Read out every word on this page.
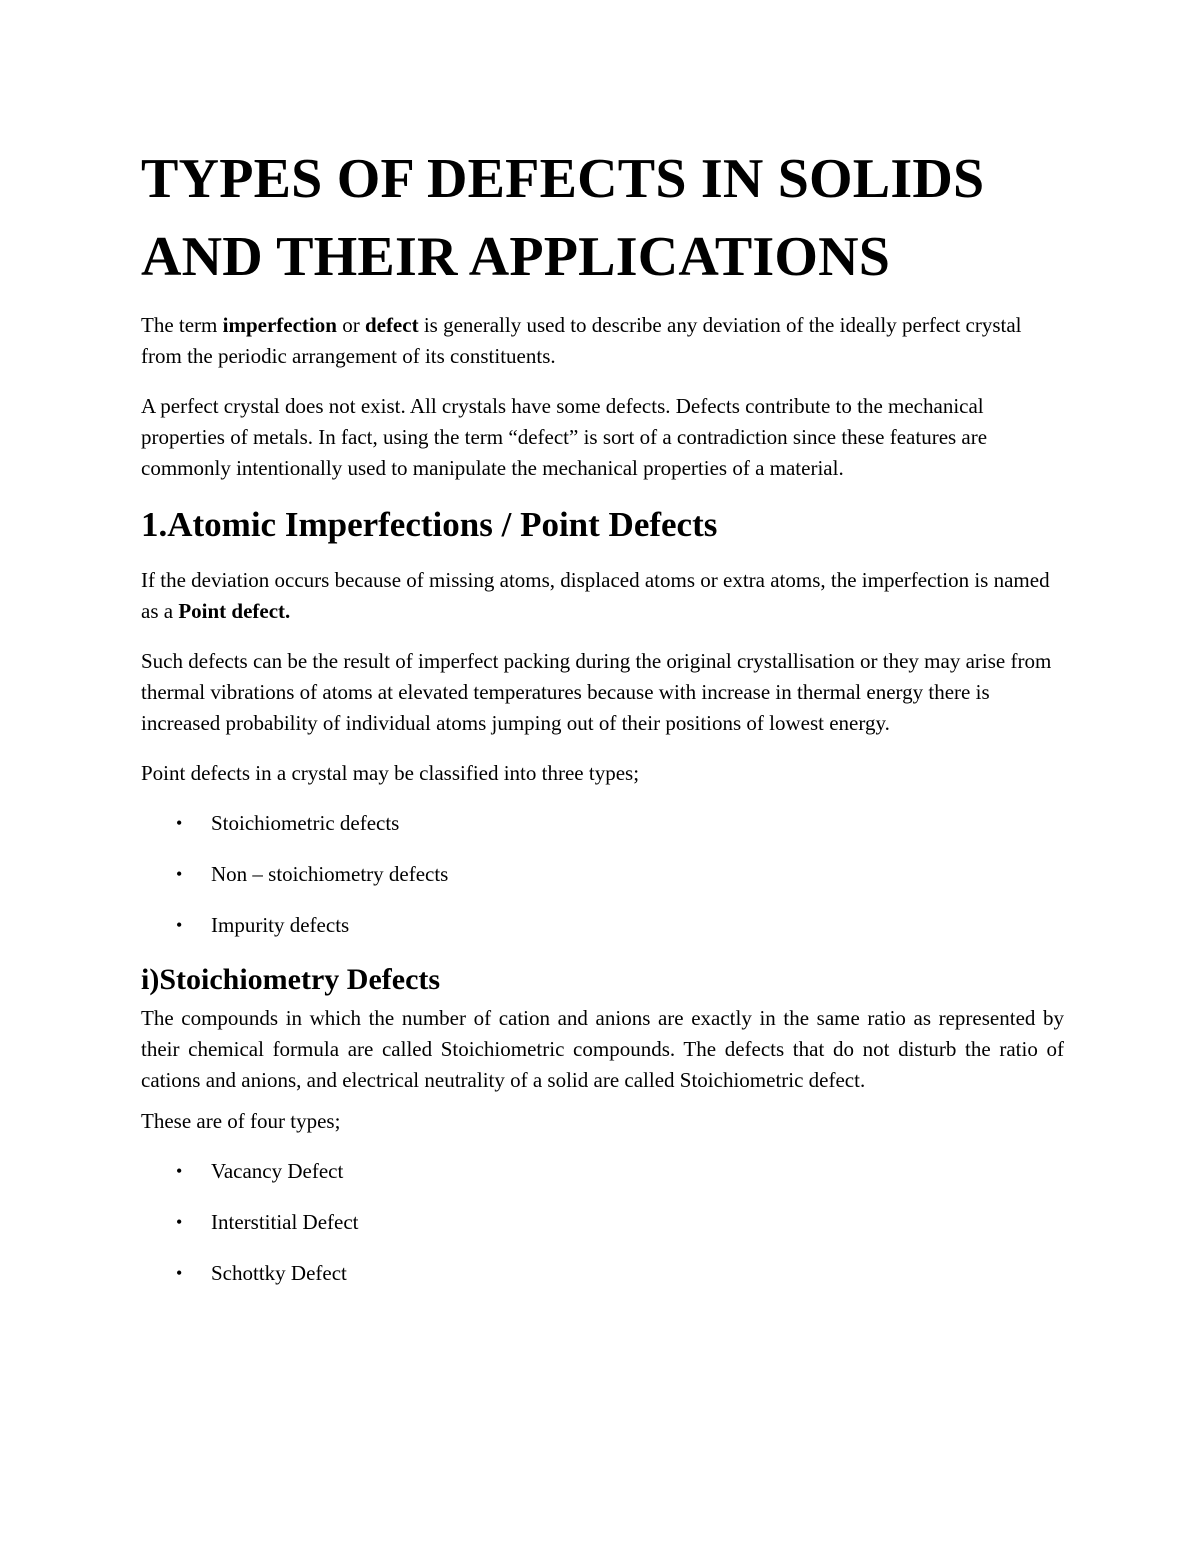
TYPES OF DEFECTS IN SOLIDS
AND THEIR APPLICATIONS

The term imperfection or defect is generally used to describe any deviation of the ideally perfect crystal from the periodic arrangement of its constituents.

A perfect crystal does not exist. All crystals have some defects. Defects contribute to the mechanical properties of metals. In fact, using the term “defect” is sort of a contradiction since these features are commonly intentionally used to manipulate the mechanical properties of a material.

1.Atomic Imperfections / Point Defects

If the deviation occurs because of missing atoms, displaced atoms or extra atoms, the imperfection is named as a Point defect.

Such defects can be the result of imperfect packing during the original crystallisation or they may arise from thermal vibrations of atoms at elevated temperatures because with increase in thermal energy there is increased probability of individual atoms jumping out of their positions of lowest energy.

Point defects in a crystal may be classified into three types;

• Stoichiometric defects
• Non – stoichiometry defects
• Impurity defects
i)Stoichiometry Defects

The compounds in which the number of cation and anions are exactly in the same ratio as represented by their chemical formula are called Stoichiometric compounds. The defects that do not disturb the ratio of cations and anions, and electrical neutrality of a solid are called Stoichiometric defect.

These are of four types;

• Vacancy Defect
• Interstitial Defect
• Schottky Defect
